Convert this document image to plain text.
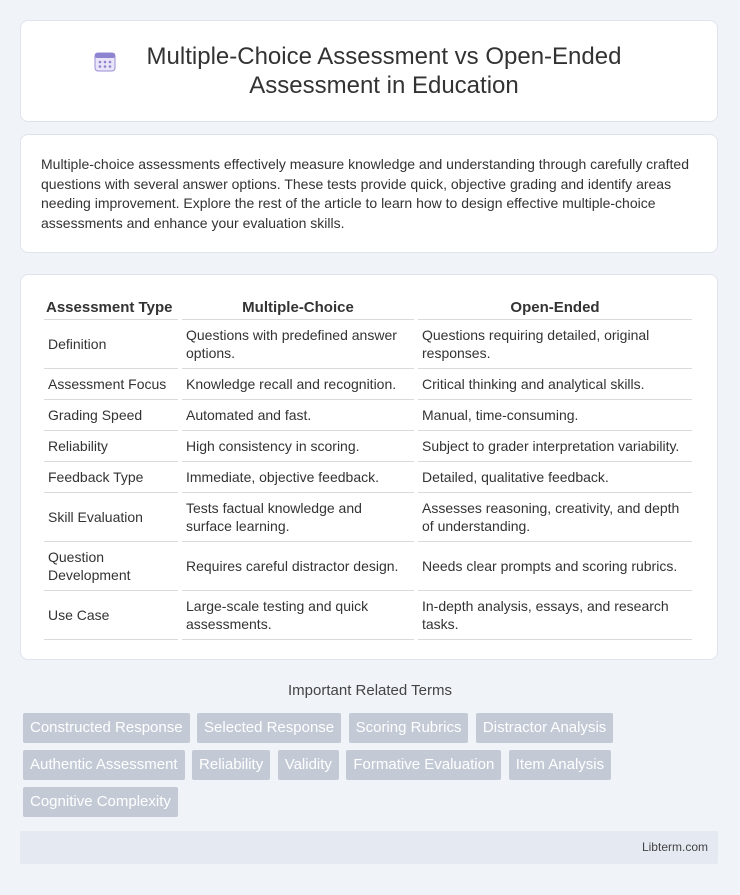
Multiple-Choice Assessment vs Open-Ended Assessment in Education

Multiple-choice assessments effectively measure knowledge and understanding through carefully crafted questions with several answer options. These tests provide quick, objective grading and identify areas needing improvement. Explore the rest of the article to learn how to design effective multiple-choice assessments and enhance your evaluation skills.

Assessment Type	Multiple-Choice	Open-Ended
Definition	Questions with predefined answer options.	Questions requiring detailed, original responses.
Assessment Focus	Knowledge recall and recognition.	Critical thinking and analytical skills.
Grading Speed	Automated and fast.	Manual, time-consuming.
Reliability	High consistency in scoring.	Subject to grader interpretation variability.
Feedback Type	Immediate, objective feedback.	Detailed, qualitative feedback.
Skill Evaluation	Tests factual knowledge and surface learning.	Assesses reasoning, creativity, and depth of understanding.
Question Development	Requires careful distractor design.	Needs clear prompts and scoring rubrics.
Use Case	Large-scale testing and quick assessments.	In-depth analysis, essays, and research tasks.
Important Related Terms
Constructed Response Selected Response Scoring Rubrics Distractor Analysis Authentic Assessment Reliability Validity Formative Evaluation Item Analysis Cognitive Complexity
Libterm.com
